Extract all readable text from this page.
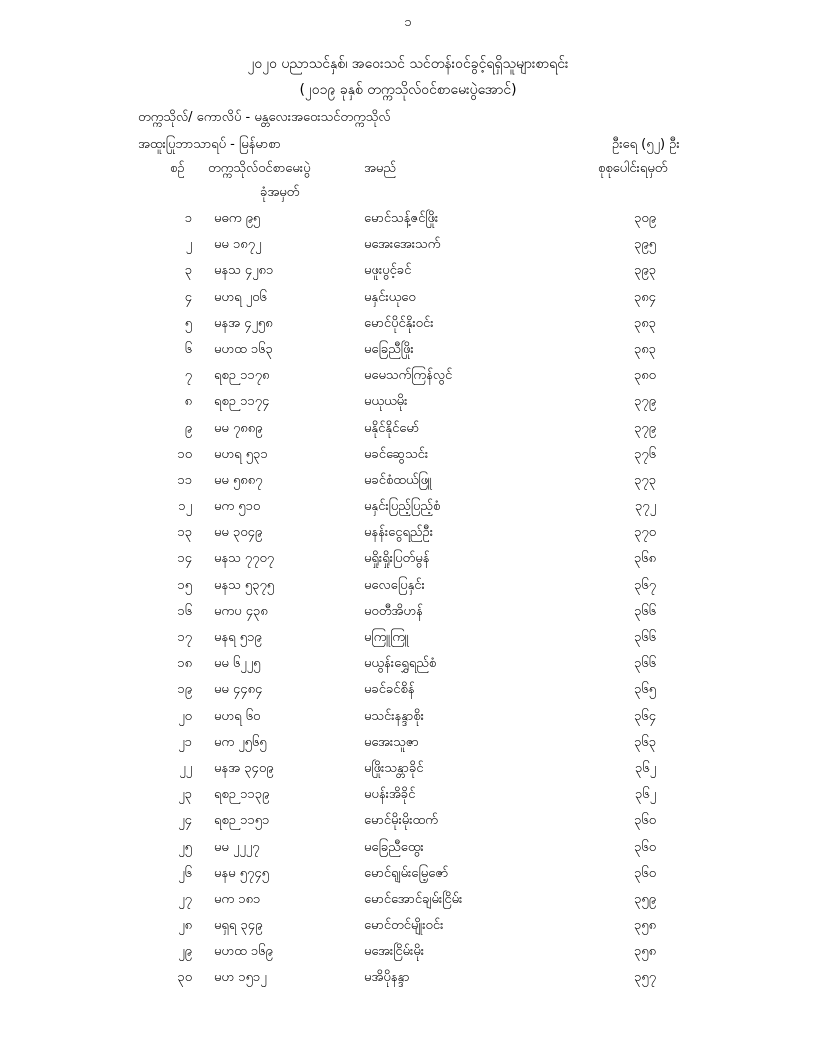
၁
၂၀၂၀ ပညာသင်နှစ်၊ အဝေးသင် သင်တန်းဝင်ခွင့်ရရှိသူများစာရင်း
(၂၀၁၉ ခုနှစ် တက္ကသိုလ်ဝင်စာမေးပွဲအောင်)
တက္ကသိုလ်/ ကောလိပ် - မန္တလေးအဝေးသင်တက္ကသိုလ်
အထူးပြုဘာသာရပ် - မြန်မာစာ	ဦးရေ (၅၂) ဦး
စဉ် တက္ကသိုလ်ဝင်စာမေးပွဲ
ခုံအမှတ်
အမည်	စုစုပေါင်းရမှတ်
၁ မဓက ၉၅	မောင်သန့်ဇင်ဖြိုး	၃၀၉
၂ မမ ၁၈၇၂	မအေးအေးသက်	၃၉၅
၃ မနသ ၄၂၈၁	မဖူးပွင့်ခင်	၃၉၃
၄ မဟရ ၂၀၆	မနှင်းယုဝေ	၃၈၄
၅ မနအ ၄၂၅၈	မောင်ပိုင်နိုးဝင်း	၃၈၃
၆ မဟထ ၁၆၃	မခြေညီဖြိုး	၃၈၃
၇ ရစဉ ၁၁၇၈	မမေသက်ကြန်လွင်	၃၈၀
၈ ရစဉ ၁၁၇၄	မယုယမိုး	၃၇၉
၉ မမ ၇၈၈၉	မနိုင်နိုင်မော်	၃၇၉
၁၀ မဟရ ၅၃၁	မခင်ဆွေသင်း	၃၇၆
၁၁ မမ ၅၈၈၇	မခင်စံထယ်ဖြူ	၃၇၃
၁၂ မက ၅၁၀	မနှင်းပြည့်ပြည့်စံ	၃၇၂
၁၃ မမ ၃၀၄၉	မနန်းငွေရည်ဦး	၃၇၀
၁၄ မနသ ၇၇၀၇	မရှိုးရှိုးပြတ်မွန်	၃၆၈
၁၅ မနသ ၅၃၇၅	မလေပြေနှင်း	၃၆၇
၁၆ မကပ ၄၃၈	မဝတီအိဟန်	၃၆၆
၁၇ မနရ ၅၁၉	မကြူကြူ	၃၆၆
၁၈ မမ ၆၂၂၅	မယွန်းရွှေရည်စံ	၃၆၆
၁၉ မမ ၄၄၈၄	မခင်ခင်စိန်	၃၆၅
၂၀ မဟရ ၆၀	မသင်းနန္ဒာစိုး	၃၆၄
၂၁ မက ၂၅၆၅	မအေးသူဇာ	၃၆၃
၂၂ မနအ ၃၄၀၉	မဖြိုးသန္တာခိုင်	၃၆၂
၂၃ ရစဉ ၁၁၃၉	မပန်းအိခိုင်	၃၆၂
၂၄ ရစဉ ၁၁၅၁	မောင်မိုးမိုးထက်	၃၆၀
၂၅ မမ ၂၂၂၇	မခြေညီထွေး	၃၆၀
၂၆ မနမ ၅၇၄၅	မောင်ရျမ်းမြေ့ဇော်	၃၆၀
၂၇ မက ၁၈၁	မောင်အောင်ချမ်းငြိမ်း	၃၅၉
၂၈ မရှရ ၃၄၉	မောင်တင်မျိုးဝင်း	၃၅၈
၂၉ မဟထ ၁၆၉	မအေးငြိမ်းမိုး	၃၅၈
၃၀ မဟ ၁၅၁၂	မအိပိုနန္ဒာ	၃၅၇
